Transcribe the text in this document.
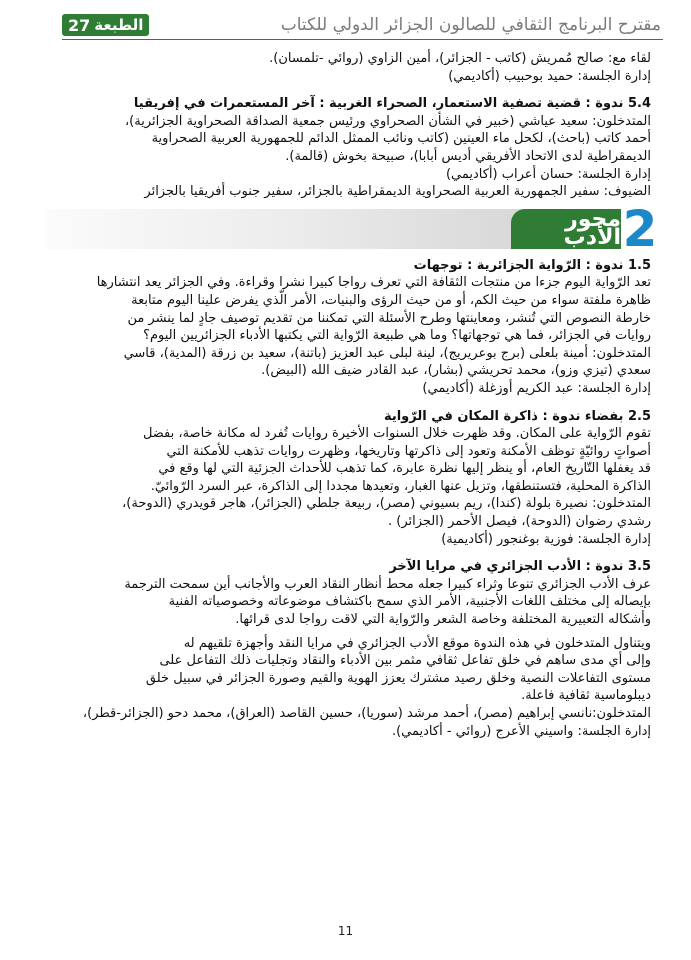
الطبعة
27	مقترح البرنامج الثقافي للصالون الجزائر الدولي للكتاب

لقاء مع: صالح مُمريش (كاتب - الجزائر)، أمين الزاوي (روائي -تلمسان).

إدارة الجلسة: حميد بوحبيب (أكاديمي)

5.4 ندوة : قضية تصفية الاستعمار، الصحراء الغربية : آخر المستعمرات في إفريقيا

المتدخلون: سعيد عياشي (خبير في الشأن الصحراوي ورئيس جمعية الصداقة الصحراوية الجزائرية)،

أحمد كاتب (باحث)، لكحل ماء العينين (كاتب ونائب الممثل الدائم للجمهورية العربية الصحراوية

الديمقراطية لدى الاتحاد الأفريقي أديس أبابا)، صبيحة بخوش (قالمة).

إدارة الجلسة: حسان أعراب (أكاديمي)

الضيوف: سفير الجمهورية العربية الصحراوية الديمقراطية بالجزائر، سفير جنوب أفريقيا بالجزائر

محور الأدب 2

1.5 ندوة : الرّواية الجزائرية : توجهات

تعد الرّواية اليوم جزءا من منتجات الثقافة التي تعرف رواجا كبيرا نشرا وقراءة. وفي الجزائر يعد انتشارها

ظاهرة ملفتة سواء من حيث الكم، أو من حيث الرؤى والبنيات، الأمر الّذي يفرض علينا اليوم متابعة

خارطة النصوص التي تُنشر، ومعاينتها وطرح الأسئلة التي تمكننا من تقديم توصيف جادٍ لما ينشر من

روايات في الجزائر، فما هي توجهاتها؟ وما هي طبيعة الرّواية التي يكتبها الأدباء الجزائريين اليوم؟

المتدخلون: أمينة بلعلى (برج بوعريريج)، لينة لبلى عبد العزيز (باتنة)، سعيد بن زرقة (المدية)، قاسي

سعدي (تيزي وزو)، محمد تحريشي (بشار)، عبد القادر ضيف الله (البيض).

إدارة الجلسة: عبد الكريم أوزغلة (أكاديمي)

2.5 بفضاء ندوة : ذاكرة المكان في الرّواية

تقوم الرّواية على المكان. وقد ظهرت خلال السنوات الأخيرة روايات تُفرد له مكانة خاصة، بفضل

أصواتٍ روائيّةٍ توظف الأمكنة وتعود إلى ذاكرتها وتاريخها، وظهرت روايات تذهب للأمكنة التي

قد يغفلها التّاريخ العام، أو ينظر إليها نظرة عابرة، كما تذهب للأحداث الجزئية التي لها وقع في

الذاكرة المحلية، فتستنطقها، وتزيل عنها الغبار، وتعيدها مجددا إلى الذاكرة، عبر السرد الرّوائيّ.

المتدخلون: نصيرة بلولة (كندا)، ريم بسيوني (مصر)، ربيعة جلطي (الجزائر)، هاجر قويدري (الدوحة)،

رشدي رضوان (الدوحة)، فيصل الأحمر (الجزائر) .

إدارة الجلسة: فوزية بوغنجور (أكاديمية)

3.5 ندوة : الأدب الجزائري في مرايا الآخر

عرف الأدب الجزائري تنوعا وثراء كبيرا جعله محط أنظار النقاد العرب والأجانب أين سمحت الترجمة

بإيصاله إلى مختلف اللغات الأجنبية، الأمر الذي سمح باكتشاف موضوعاته وخصوصياته الفنية

وأشكاله التعبيرية المختلفة وخاصة الشعر والرّواية التي لاقت رواجا لدى قرائها.

ويتناول المتدخلون في هذه الندوة موقع الأدب الجزائري في مرايا النقد وأجهزة تلقيهم له

وإلى أي مدى ساهم في خلق تفاعل ثقافي مثمر بين الأدباء والنقاد وتجليات ذلك التفاعل على

مستوى التفاعلات النصية وخلق رصيد مشترك يعزز الهوية والقيم وصورة الجزائر في سبيل خلق

ديبلوماسية ثقافية فاعلة.

المتدخلون:نانسي إبراهيم (مصر)، أحمد مرشد (سوريا)، حسين القاصد (العراق)، محمد دحو (الجزائر-قطر)،

إدارة الجلسة: واسيني الأعرج (روائي - أكاديمي).

11
